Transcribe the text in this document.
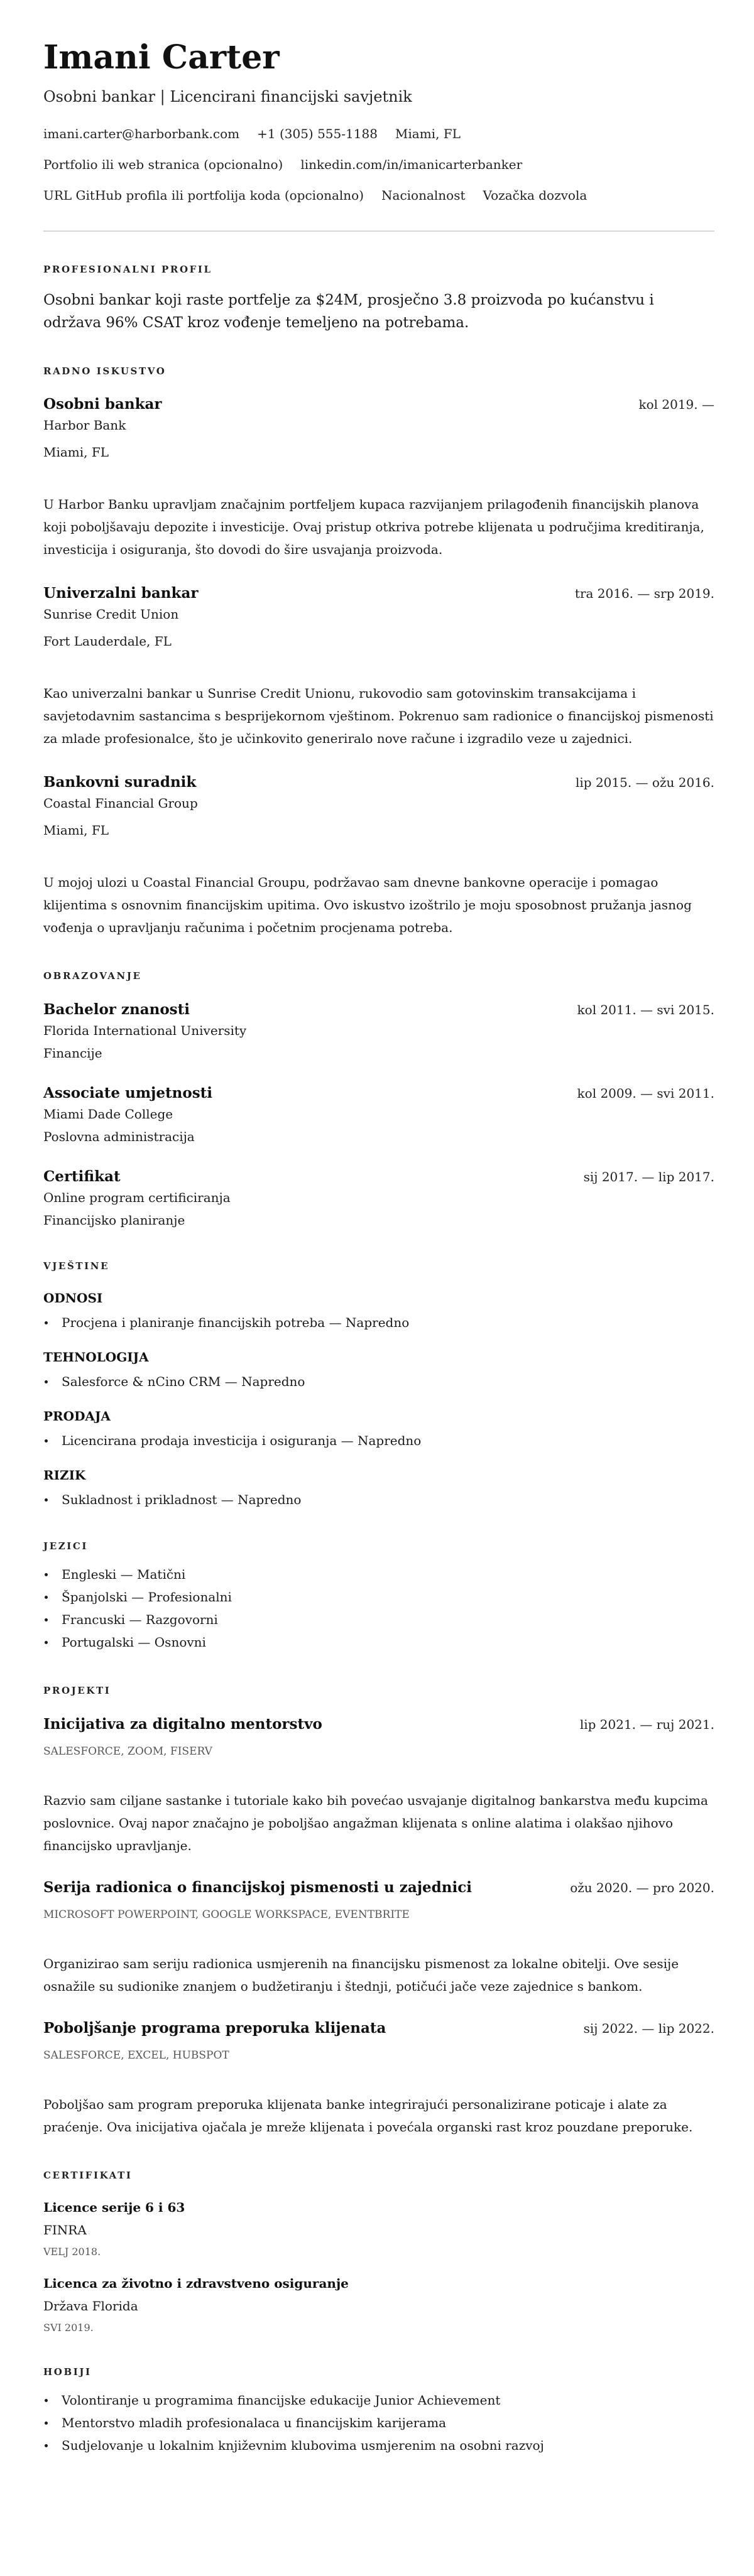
Imani Carter
Osobni bankar | Licencirani financijski savjetnik
imani.carter@harborbank.com +1 (305) 555-1188 Miami, FL
Portfolio ili web stranica (opcionalno) linkedin.com/in/imanicarterbanker
URL GitHub profila ili portfolija koda (opcionalno) Nacionalnost Vozačka dozvola
PROFESIONALNI PROFIL
Osobni bankar koji raste portfelje za $24M, prosječno 3.8 proizvoda po kućanstvu i održava 96% CSAT kroz vođenje temeljeno na potrebama.
RADNO ISKUSTVO
Osobni bankar	kol 2019. —
Harbor Bank
Miami, FL
U Harbor Banku upravljam značajnim portfeljem kupaca razvijanjem prilagođenih financijskih planova koji poboljšavaju depozite i investicije. Ovaj pristup otkriva potrebe klijenata u područjima kreditiranja, investicija i osiguranja, što dovodi do šire usvajanja proizvoda.
Univerzalni bankar	tra 2016. — srp 2019.
Sunrise Credit Union
Fort Lauderdale, FL
Kao univerzalni bankar u Sunrise Credit Unionu, rukovodio sam gotovinskim transakcijama i savjetodavnim sastancima s besprijekornom vještinom. Pokrenuo sam radionice o financijskoj pismenosti za mlade profesionalce, što je učinkovito generiralo nove račune i izgradilo veze u zajednici.
Bankovni suradnik	lip 2015. — ožu 2016.
Coastal Financial Group
Miami, FL
U mojoj ulozi u Coastal Financial Groupu, podržavao sam dnevne bankovne operacije i pomagao klijentima s osnovnim financijskim upitima. Ovo iskustvo izoštrilo je moju sposobnost pružanja jasnog vođenja o upravljanju računima i početnim procjenama potreba.
OBRAZOVANJE
Bachelor znanosti	kol 2011. — svi 2015.
Florida International University
Financije
Associate umjetnosti	kol 2009. — svi 2011.
Miami Dade College
Poslovna administracija
Certifikat	sij 2017. — lip 2017.
Online program certificiranja
Financijsko planiranje
VJEŠTINE
ODNOSI
Procjena i planiranje financijskih potreba — Napredno
TEHNOLOGIJA
Salesforce & nCino CRM — Napredno
PRODAJA
Licencirana prodaja investicija i osiguranja — Napredno
RIZIK
Sukladnost i prikladnost — Napredno
JEZICI
Engleski — Matični
Španjolski — Profesionalni
Francuski — Razgovorni
Portugalski — Osnovni
PROJEKTI
Inicijativa za digitalno mentorstvo	lip 2021. — ruj 2021.
SALESFORCE, ZOOM, FISERV
Razvio sam ciljane sastanke i tutoriale kako bih povećao usvajanje digitalnog bankarstva među kupcima poslovnice. Ovaj napor značajno je poboljšao angažman klijenata s online alatima i olakšao njihovo financijsko upravljanje.
Serija radionica o financijskoj pismenosti u zajednici	ožu 2020. — pro 2020.
MICROSOFT POWERPOINT, GOOGLE WORKSPACE, EVENTBRITE
Organizirao sam seriju radionica usmjerenih na financijsku pismenost za lokalne obitelji. Ove sesije osnažile su sudionike znanjem o budžetiranju i štednji, potičući jače veze zajednice s bankom.
Poboljšanje programa preporuka klijenata	sij 2022. — lip 2022.
SALESFORCE, EXCEL, HUBSPOT
Poboljšao sam program preporuka klijenata banke integrirajući personalizirane poticaje i alate za praćenje. Ova inicijativa ojačala je mreže klijenata i povećala organski rast kroz pouzdane preporuke.
CERTIFIKATI
Licence serije 6 i 63
FINRA
VELJ 2018.
Licenca za životno i zdravstveno osiguranje
Država Florida
SVI 2019.
HOBIJI
Volontiranje u programima financijske edukacije Junior Achievement
Mentorstvo mladih profesionalaca u financijskim karijerama
Sudjelovanje u lokalnim književnim klubovima usmjerenim na osobni razvoj
